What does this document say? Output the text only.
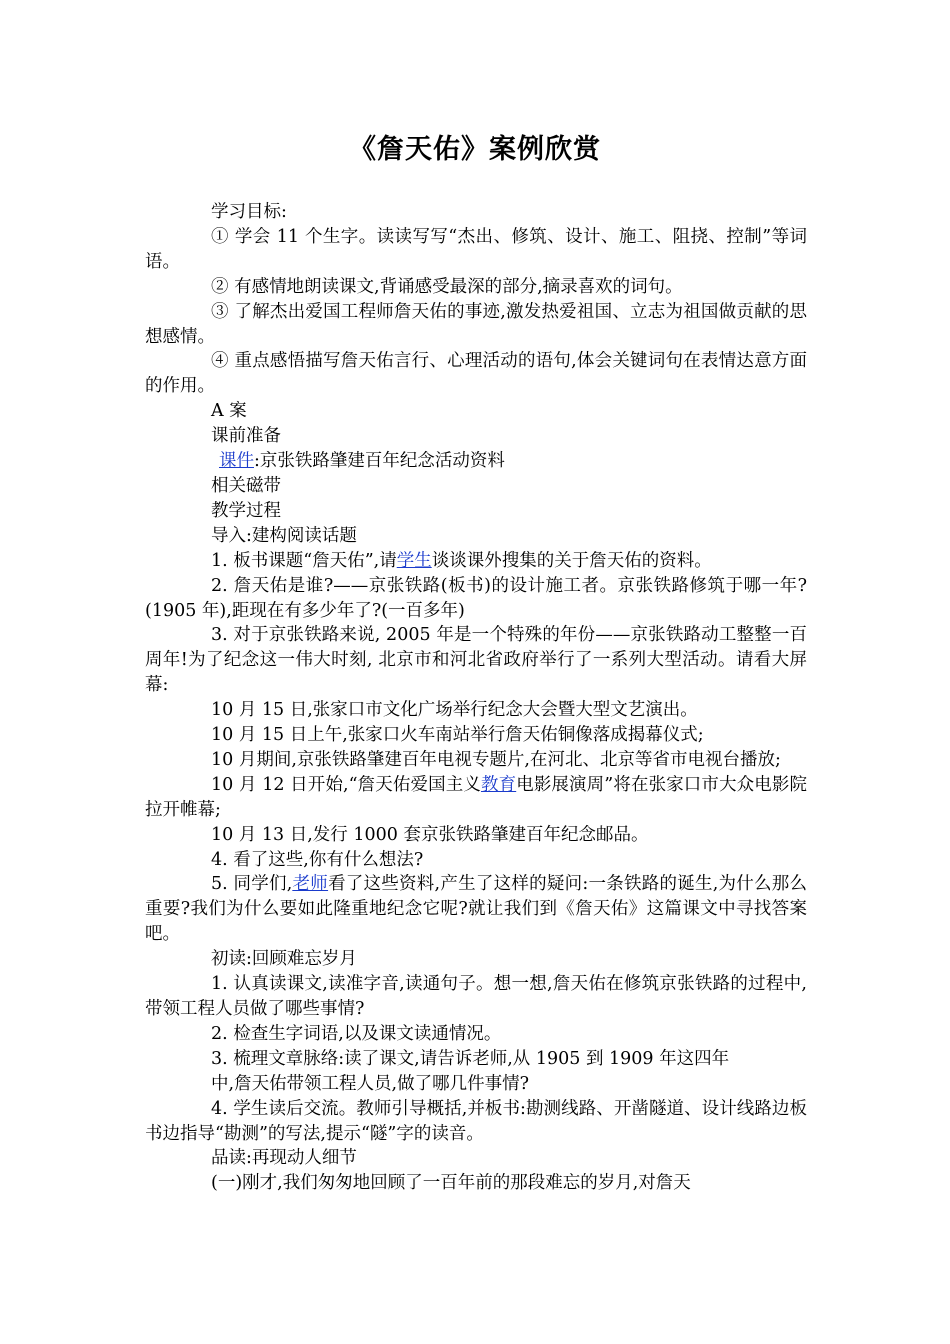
《詹天佑》案例欣赏

学习目标:

① 学会 11 个生字。读读写写“杰出、修筑、设计、施工、阻挠、控制”等词语。

② 有感情地朗读课文,背诵感受最深的部分,摘录喜欢的词句。

③ 了解杰出爱国工程师詹天佑的事迹,激发热爱祖国、立志为祖国做贡献的思想感情。

④ 重点感悟描写詹天佑言行、心理活动的语句,体会关键词句在表情达意方面的作用。

A 案

课前准备

课件:京张铁路肇建百年纪念活动资料

相关磁带

教学过程

导入:建构阅读话题

1. 板书课题“詹天佑”,请学生谈谈课外搜集的关于詹天佑的资料。

2. 詹天佑是谁?——京张铁路(板书)的设计施工者。京张铁路修筑于哪一年?(1905 年),距现在有多少年了?(一百多年)

3. 对于京张铁路来说, 2005 年是一个特殊的年份——京张铁路动工整整一百周年!为了纪念这一伟大时刻, 北京市和河北省政府举行了一系列大型活动。请看大屏幕:

10 月 15 日,张家口市文化广场举行纪念大会暨大型文艺演出。

10 月 15 日上午,张家口火车南站举行詹天佑铜像落成揭幕仪式;

10 月期间,京张铁路肇建百年电视专题片,在河北、北京等省市电视台播放;

10 月 12 日开始,“詹天佑爱国主义教育电影展演周”将在张家口市大众电影院拉开帷幕;

10 月 13 日,发行 1000 套京张铁路肇建百年纪念邮品。

4. 看了这些,你有什么想法?

5. 同学们,老师看了这些资料,产生了这样的疑问:一条铁路的诞生,为什么那么重要?我们为什么要如此隆重地纪念它呢?就让我们到《詹天佑》这篇课文中寻找答案吧。

初读:回顾难忘岁月

1. 认真读课文,读准字音,读通句子。想一想,詹天佑在修筑京张铁路的过程中,带领工程人员做了哪些事情?

2. 检查生字词语,以及课文读通情况。

3. 梳理文章脉络:读了课文,请告诉老师,从 1905 到 1909 年这四年

中,詹天佑带领工程人员,做了哪几件事情?

4. 学生读后交流。教师引导概括,并板书:勘测线路、开凿隧道、设计线路边板书边指导“勘测”的写法,提示“隧”字的读音。

品读:再现动人细节

(一)刚才,我们匆匆地回顾了一百年前的那段难忘的岁月,对詹天
